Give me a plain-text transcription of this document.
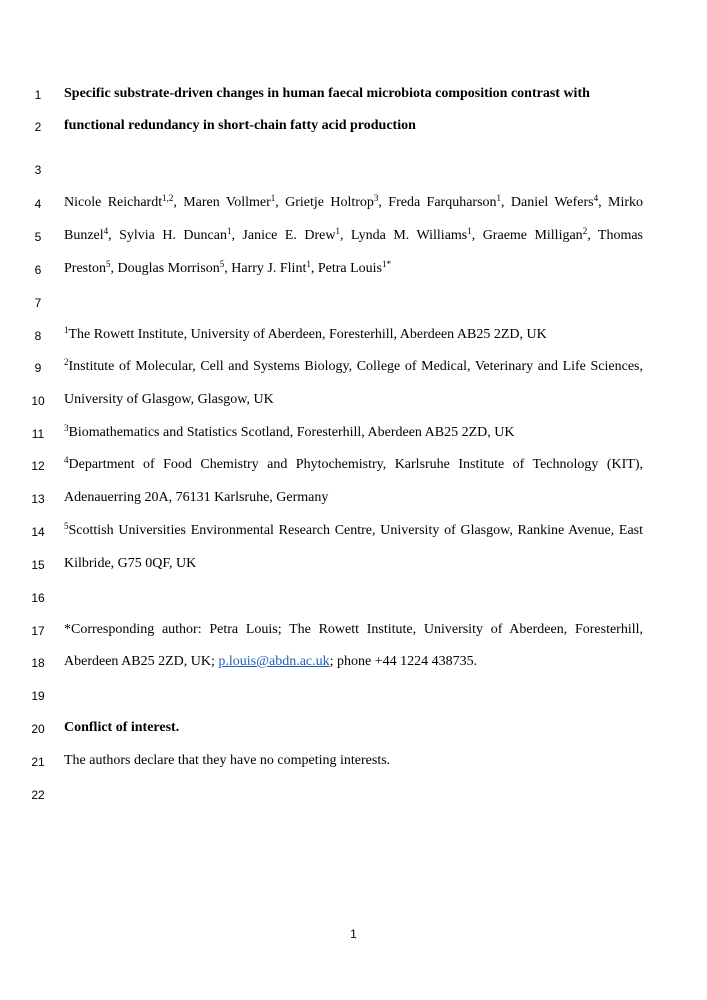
1	Specific substrate-driven changes in human faecal microbiota composition contrast with
2	functional redundancy in short-chain fatty acid production
3
4	Nicole Reichardt$^{1,2}$, Maren Vollmer$^1$, Grietje Holtrop$^3$, Freda Farquharson$^1$, Daniel Wefers$^4$, Mirko
5	Bunzel$^4$, Sylvia H. Duncan$^1$, Janice E. Drew$^1$, Lynda M. Williams$^1$, Graeme Milligan$^2$, Thomas
6	Preston$^5$, Douglas Morrison$^5$, Harry J. Flint$^1$, Petra Louis$^{1*}$
7
8	$^1$The Rowett Institute, University of Aberdeen, Foresterhill, Aberdeen AB25 2ZD, UK
9	$^2$Institute of Molecular, Cell and Systems Biology, College of Medical, Veterinary and Life Sciences,
10 University of Glasgow, Glasgow, UK
11 $^3$Biomathematics and Statistics Scotland, Foresterhill, Aberdeen AB25 2ZD, UK
12 $^4$Department of Food Chemistry and Phytochemistry, Karlsruhe Institute of Technology (KIT),
13 Adenauerring 20A, 76131 Karlsruhe, Germany
14 $^5$Scottish Universities Environmental Research Centre, University of Glasgow, Rankine Avenue, East
15 Kilbride, G75 0QF, UK
16
17 *Corresponding author: Petra Louis; The Rowett Institute, University of Aberdeen, Foresterhill,
18 Aberdeen AB25 2ZD, UK; p.louis@abdn.ac.uk; phone +44 1224 438735.
19
20 Conflict of interest.
21 The authors declare that they have no competing interests.
22
1
